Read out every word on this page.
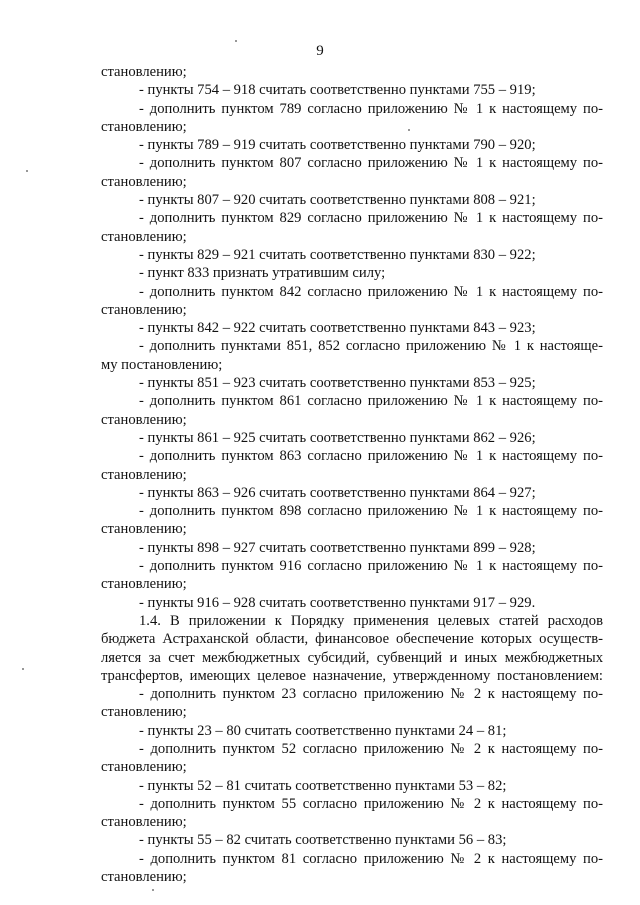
9
становлению;
- пункты 754 – 918 считать соответственно пунктами 755 – 919;
- дополнить пунктом 789 согласно приложению № 1 к настоящему по-
становлению;
- пункты 789 – 919 считать соответственно пунктами 790 – 920;
- дополнить пунктом 807 согласно приложению № 1 к настоящему по-
становлению;
- пункты 807 – 920 считать соответственно пунктами 808 – 921;
- дополнить пунктом 829 согласно приложению № 1 к настоящему по-
становлению;
- пункты 829 – 921 считать соответственно пунктами 830 – 922;
- пункт 833 признать утратившим силу;
- дополнить пунктом 842 согласно приложению № 1 к настоящему по-
становлению;
- пункты 842 – 922 считать соответственно пунктами 843 – 923;
- дополнить пунктами 851, 852 согласно приложению № 1 к настояще-
му постановлению;
- пункты 851 – 923 считать соответственно пунктами 853 – 925;
- дополнить пунктом 861 согласно приложению № 1 к настоящему по-
становлению;
- пункты 861 – 925 считать соответственно пунктами 862 – 926;
- дополнить пунктом 863 согласно приложению № 1 к настоящему по-
становлению;
- пункты 863 – 926 считать соответственно пунктами 864 – 927;
- дополнить пунктом 898 согласно приложению № 1 к настоящему по-
становлению;
- пункты 898 – 927 считать соответственно пунктами 899 – 928;
- дополнить пунктом 916 согласно приложению № 1 к настоящему по-
становлению;
- пункты 916 – 928 считать соответственно пунктами 917 – 929.
1.4. В приложении к Порядку применения целевых статей расходов
бюджета Астраханской области, финансовое обеспечение которых осуществ-
ляется за счет межбюджетных субсидий, субвенций и иных межбюджетных
трансфертов, имеющих целевое назначение, утвержденному постановлением:
- дополнить пунктом 23 согласно приложению № 2 к настоящему по-
становлению;
- пункты 23 – 80 считать соответственно пунктами 24 – 81;
- дополнить пунктом 52 согласно приложению № 2 к настоящему по-
становлению;
- пункты 52 – 81 считать соответственно пунктами 53 – 82;
- дополнить пунктом 55 согласно приложению № 2 к настоящему по-
становлению;
- пункты 55 – 82 считать соответственно пунктами 56 – 83;
- дополнить пунктом 81 согласно приложению № 2 к настоящему по-
становлению;
